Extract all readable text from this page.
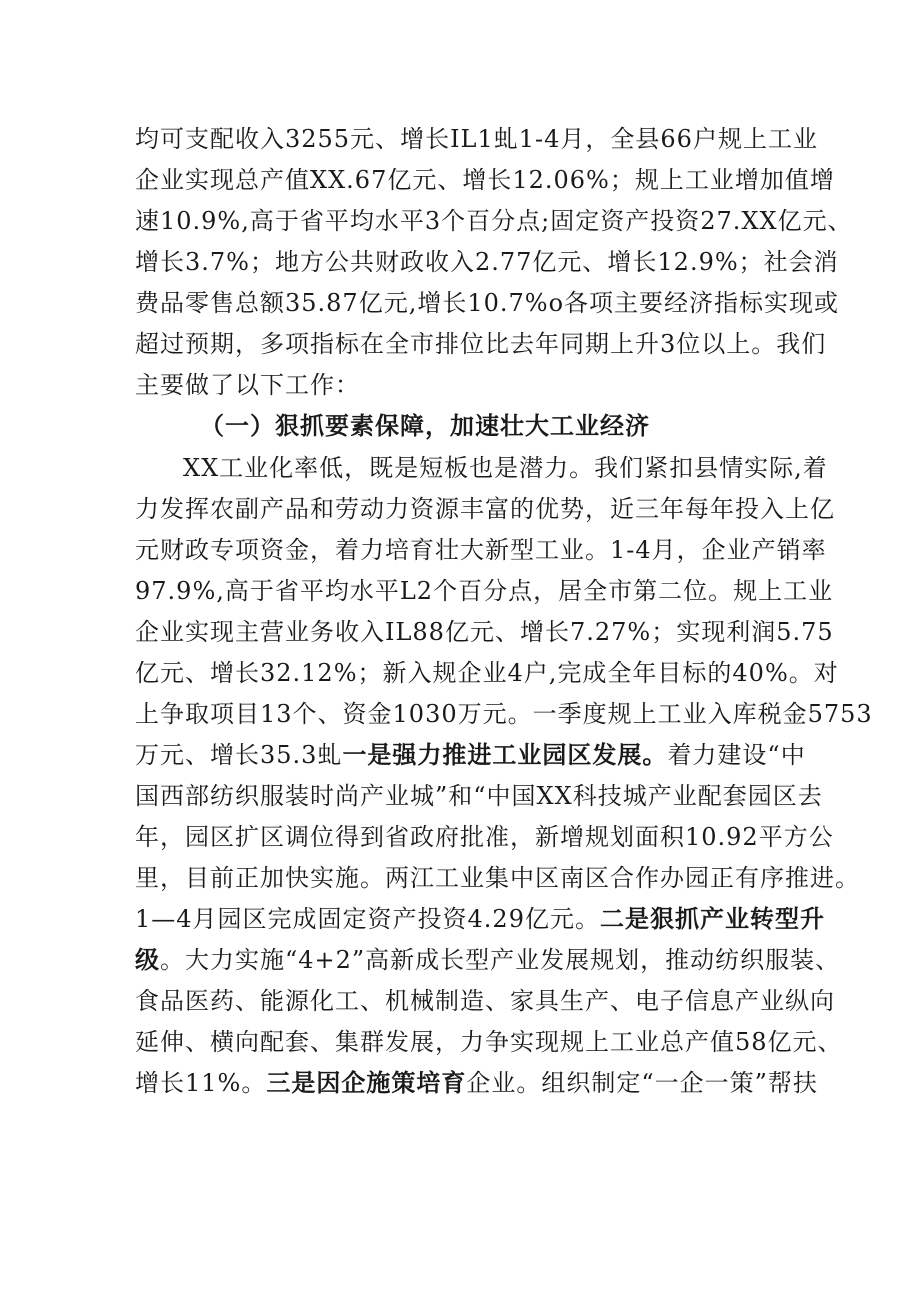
均可支配收入3255元、增长IL1虬1-4月，全县66户规上工业
企业实现总产值XX.67亿元、增长12.06%；规上工业增加值增
速10.9%,高于省平均水平3个百分点;固定资产投资27.XX亿元、
增长3.7%；地方公共财政收入2.77亿元、增长12.9%；社会消
费品零售总额35.87亿元,增长10.7%o各项主要经济指标实现或
超过预期，多项指标在全市排位比去年同期上升3位以上。我们
主要做了以下工作：
（一）狠抓要素保障，加速壮大工业经济
XX工业化率低，既是短板也是潜力。我们紧扣县情实际,着
力发挥农副产品和劳动力资源丰富的优势，近三年每年投入上亿
元财政专项资金，着力培育壮大新型工业。1-4月，企业产销率
97.9%,高于省平均水平L2个百分点，居全市第二位。规上工业
企业实现主营业务收入IL88亿元、增长7.27%；实现利润5.75
亿元、增长32.12%；新入规企业4户,完成全年目标的40%。对
上争取项目13个、资金1030万元。一季度规上工业入库税金5753
万元、增长35.3虬一是强力推进工业园区发展。着力建设“中
国西部纺织服装时尚产业城”和“中国XX科技城产业配套园区去
年，园区扩区调位得到省政府批准，新增规划面积10.92平方公
里，目前正加快实施。两江工业集中区南区合作办园正有序推进。
1—4月园区完成固定资产投资4.29亿元。二是狠抓产业转型升
级。大力实施“4+2”高新成长型产业发展规划，推动纺织服装、
食品医药、能源化工、机械制造、家具生产、电子信息产业纵向
延伸、横向配套、集群发展，力争实现规上工业总产值58亿元、
增长11%。三是因企施策培育企业。组织制定“一企一策”帮扶
